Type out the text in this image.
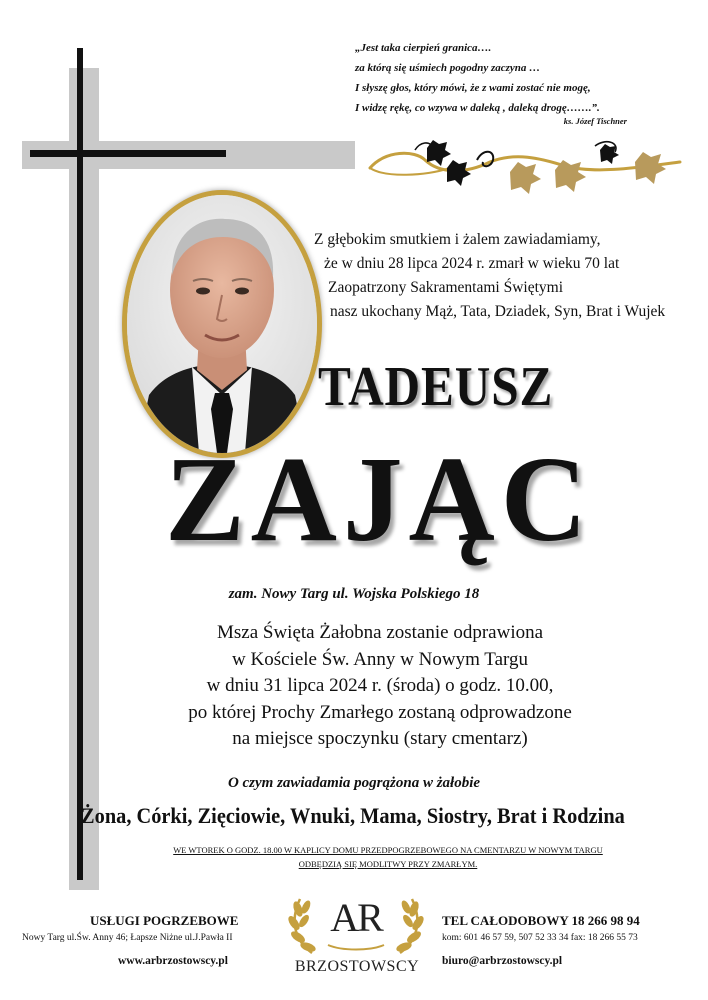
„Jest taka cierpień granica….
za którą się uśmiech pogodny zaczyna …
I słyszę głos, który mówi, że z wami zostać nie mogę,
I widzę rękę, co wzywa w daleką , daleką drogę…….”.
ks. Józef Tischner
Z głębokim smutkiem i żalem zawiadamiamy,
że w dniu 28 lipca 2024 r. zmarł w wieku 70 lat
Zaopatrzony Sakramentami Świętymi
nasz ukochany Mąż, Tata, Dziadek, Syn, Brat i Wujek
TADEUSZ
ZAJĄC
zam. Nowy Targ ul. Wojska Polskiego 18
Msza Święta Żałobna zostanie odprawiona
w Kościele Św. Anny w Nowym Targu
w dniu 31 lipca 2024 r. (środa) o godz. 10.00,
po której Prochy Zmarłego zostaną odprowadzone
na miejsce spoczynku (stary cmentarz)
O czym zawiadamia pogrążona w żałobie
Żona, Córki, Zięciowie, Wnuki, Mama, Siostry, Brat i Rodzina
WE WTOREK O GODZ. 18.00 W KAPLICY DOMU PRZEDPOGRZEBOWEGO NA CMENTARZU W NOWYM TARGU
ODBĘDZIĄ SIĘ MODLITWY PRZY ZMARŁYM.
USŁUGI POGRZEBOWE
Nowy Targ ul.Św. Anny 46; Łapsze Niżne ul.J.Pawła II
www.arbrzostowscy.pl
AR
BRZOSTOWSCY
TEL CAŁODOBOWY 18 266 98 94
kom: 601 46 57 59, 507 52 33 34 fax: 18 266 55 73
biuro@arbrzostowscy.pl
